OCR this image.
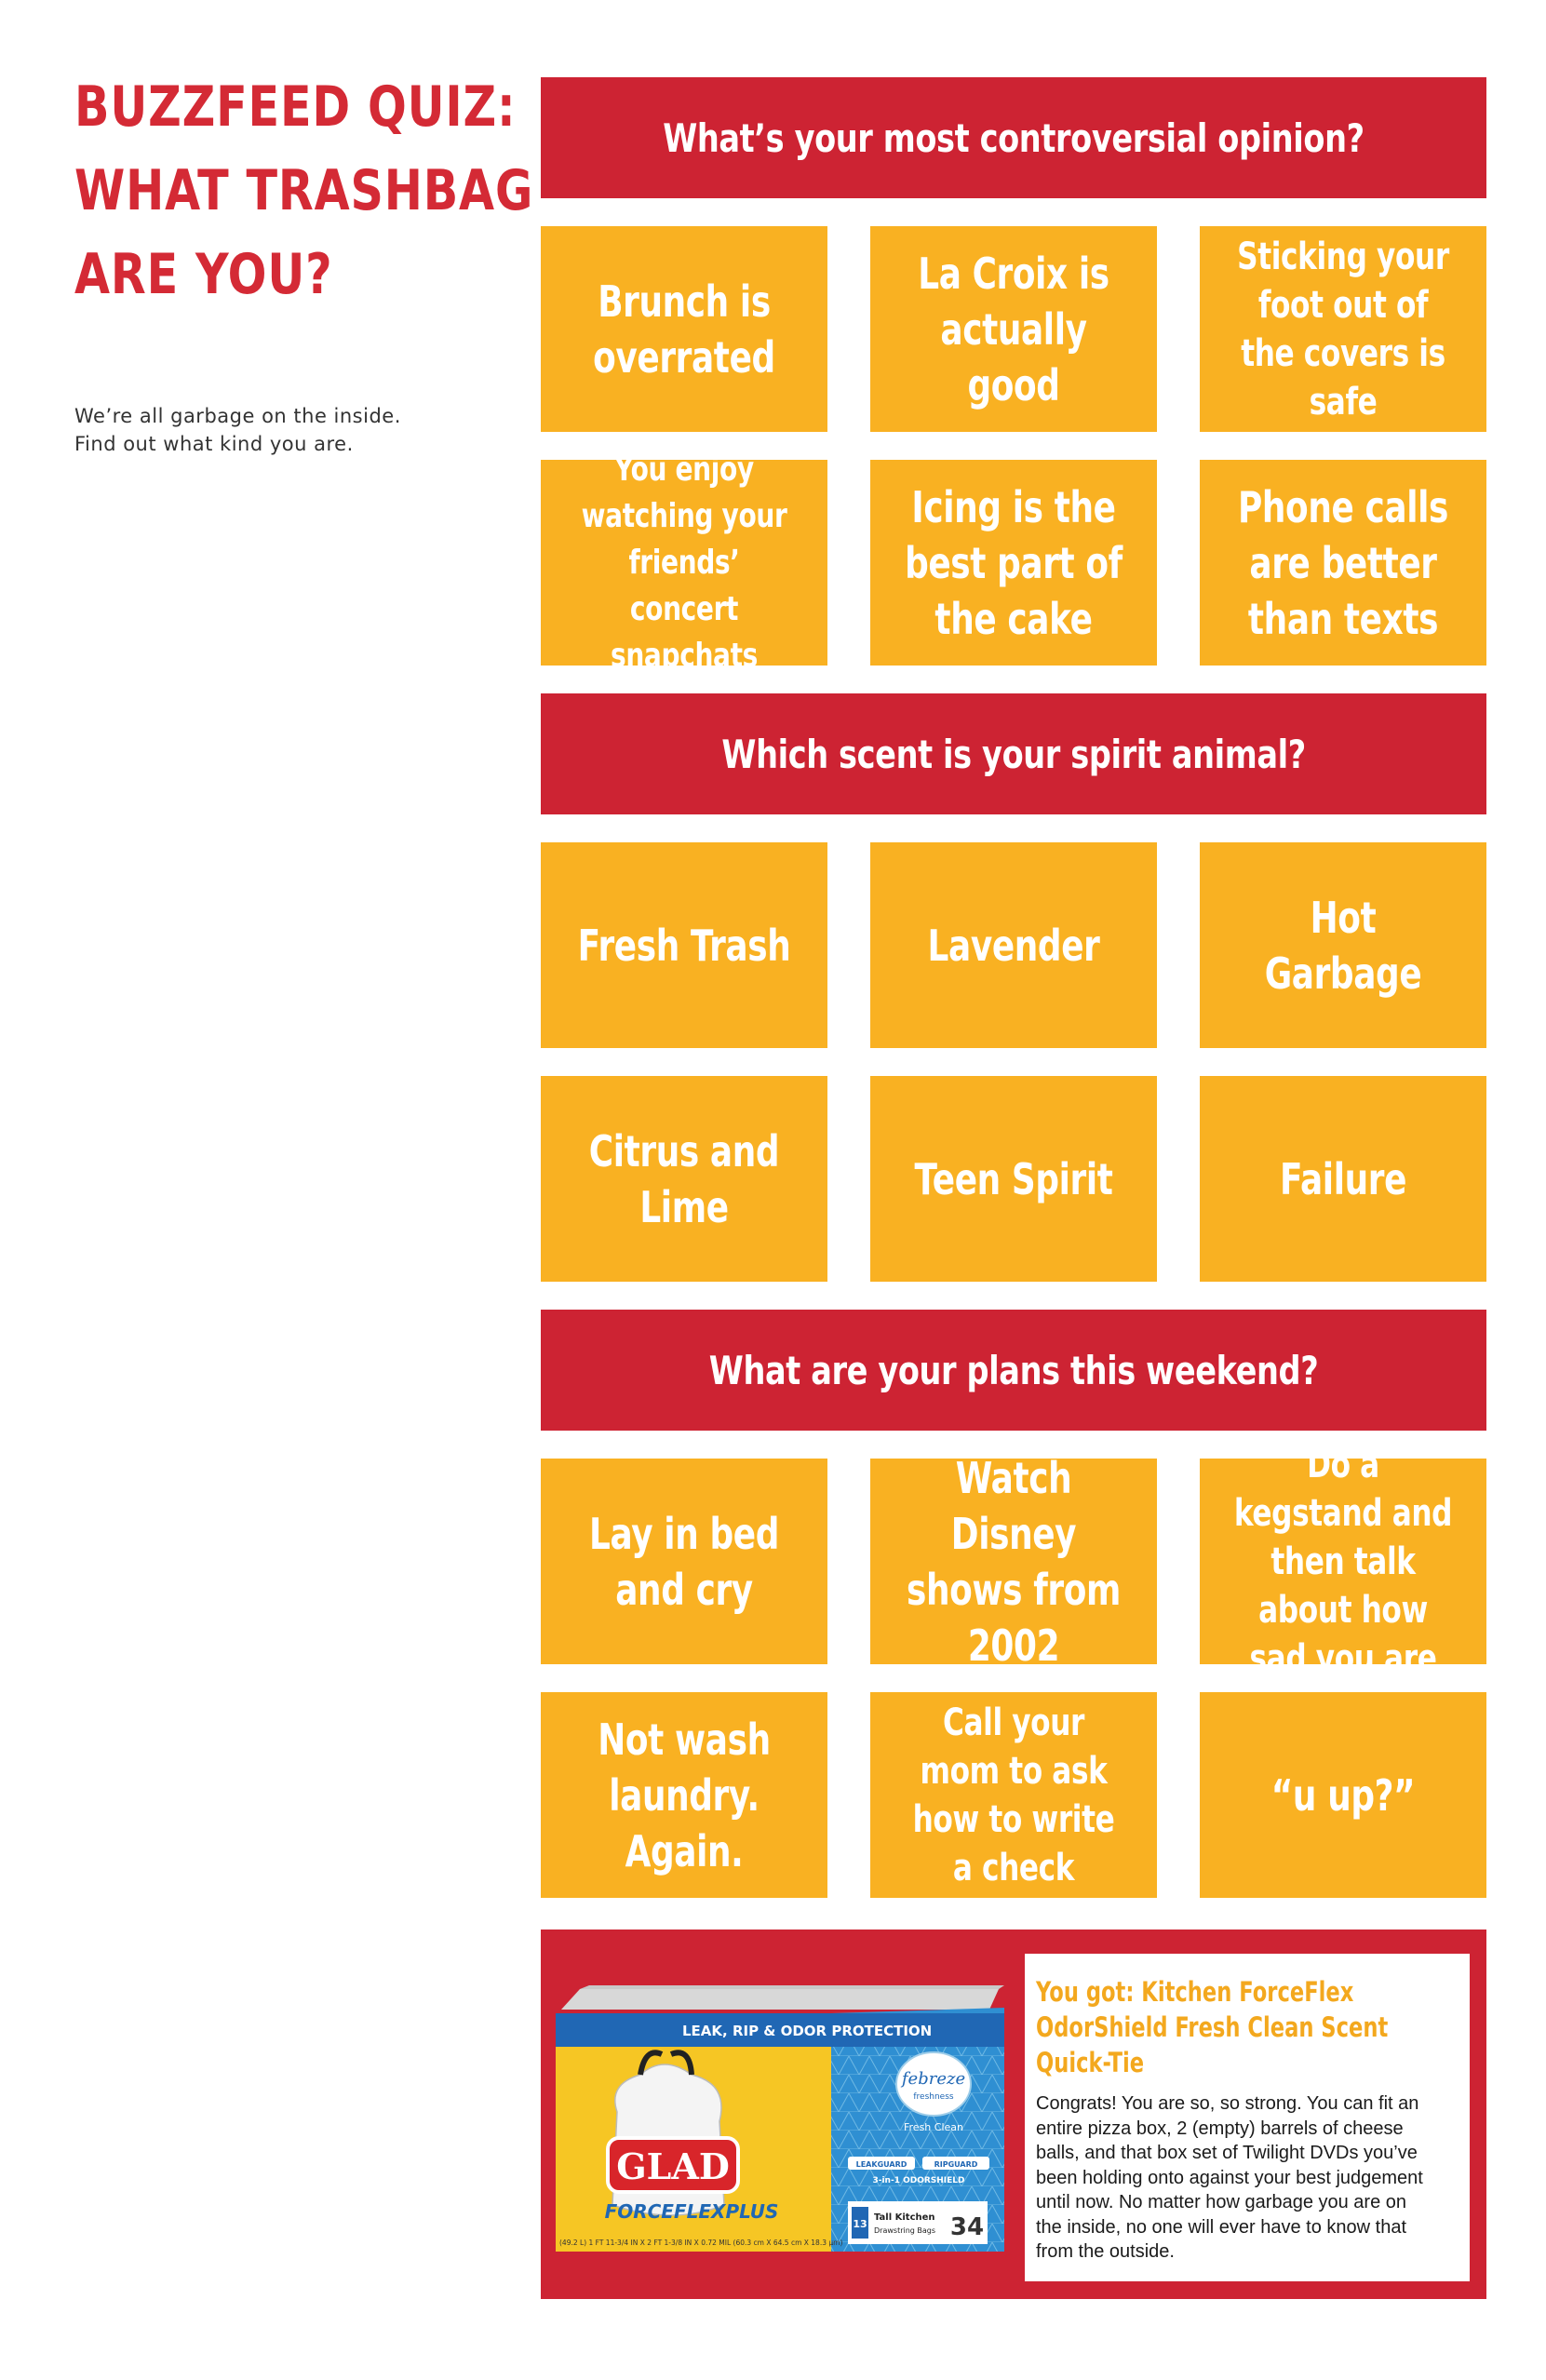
BUZZFEED QUIZ:
WHAT TRASHBAG
ARE YOU?
We’re all garbage on the inside.
Find out what kind you are.
What’s your most controversial opinion?
Brunch is overrated
La Croix is actually good
Sticking your foot out of the covers is safe
You enjoy watching your friends’ concert snapchats
Icing is the best part of the cake
Phone calls are better than texts
Which scent is your spirit animal?
Fresh Trash	Lavender
Hot Garbage
Citrus and Lime
Teen Spirit	Failure
What are your plans this weekend?
Lay in bed and cry
Watch Disney shows from 2002
Do a kegstand and then talk about how sad you are
Not wash laundry. Again.
Call your mom to ask how to write a check
“u up?”
LEAK, RIP & ODOR PROTECTION
GLAD
FORCEFLEXPLUS
(49.2 L) 1 FT 11-3/4 IN X 2 FT 1-3/8 IN X 0.72 MIL (60.3 cm X 64.5 cm X 18.3 µm)
febreze
freshness
Fresh Clean
LEAKGUARD	RIPGUARD
3-in-1 ODORSHIELD
13
Tall Kitchen
Drawstring Bags 34
You got: Kitchen ForceFlex
OdorShield Fresh Clean Scent
Quick-Tie
Congrats! You are so, so strong. You can fit an
entire pizza box, 2 (empty) barrels of cheese
balls, and that box set of Twilight DVDs you’ve
been holding onto against your best judgement
until now. No matter how garbage you are on
the inside, no one will ever have to know that
from the outside.
